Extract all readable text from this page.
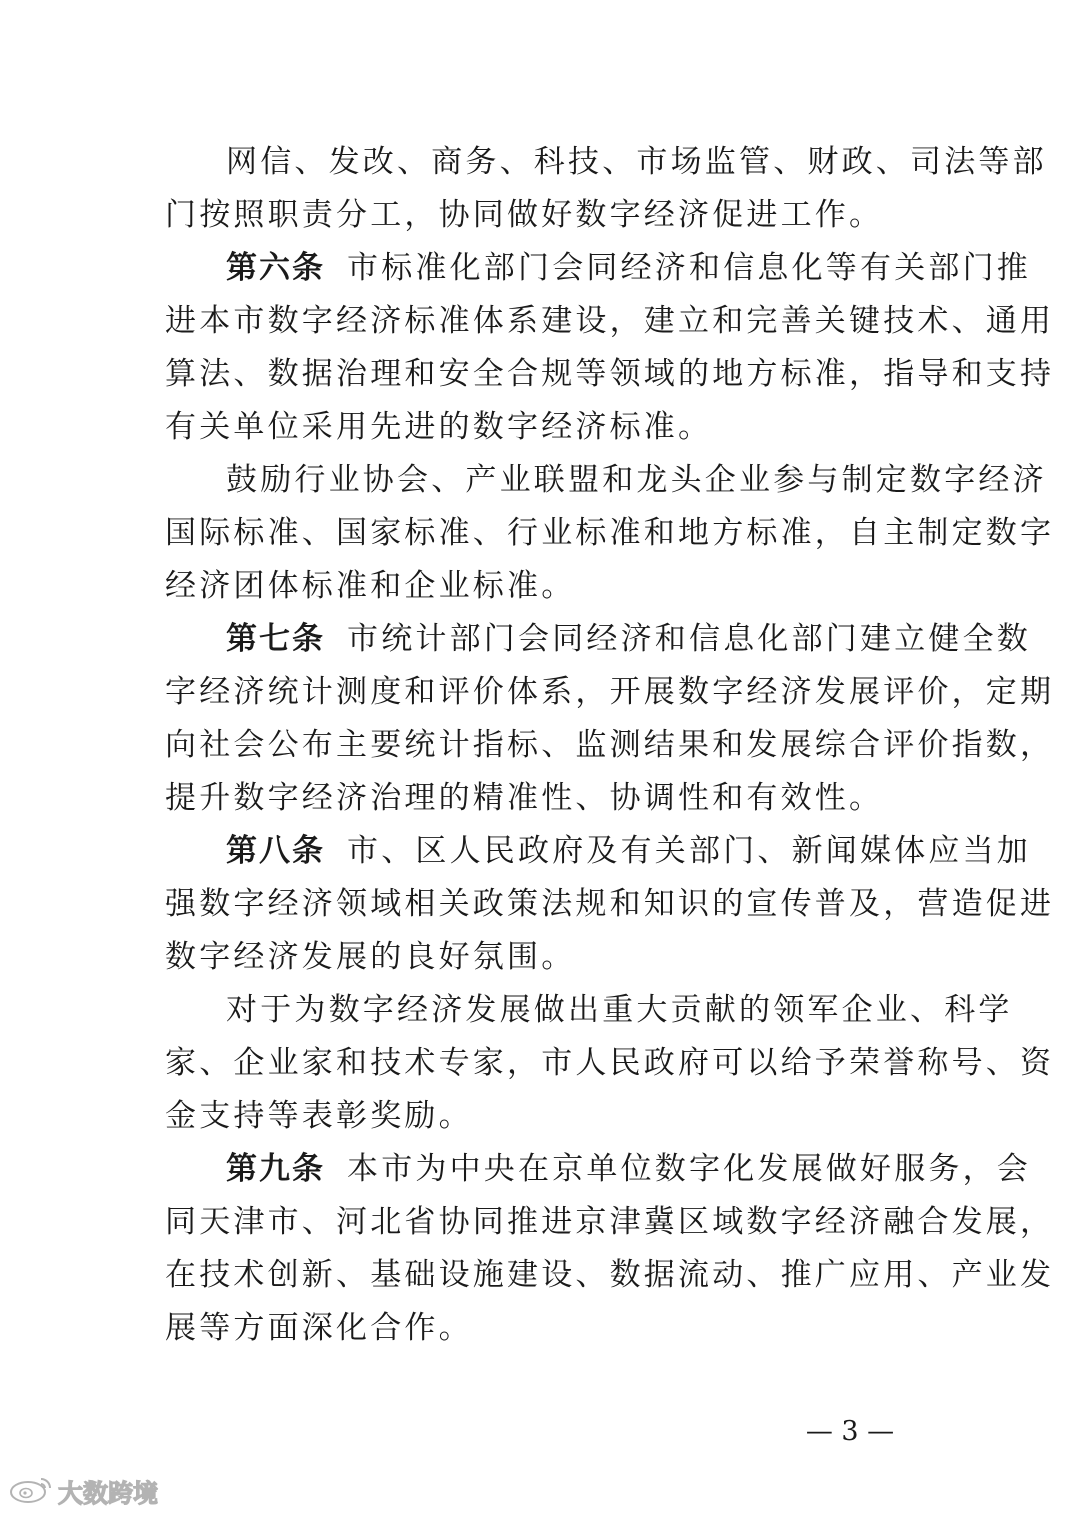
网信、发改、商务、科技、市场监管、财政、司法等部
门按照职责分工，协同做好数字经济促进工作。
第六条 市标准化部门会同经济和信息化等有关部门推
进本市数字经济标准体系建设，建立和完善关键技术、通用
算法、数据治理和安全合规等领域的地方标准，指导和支持
有关单位采用先进的数字经济标准。
鼓励行业协会、产业联盟和龙头企业参与制定数字经济
国际标准、国家标准、行业标准和地方标准，自主制定数字
经济团体标准和企业标准。
第七条 市统计部门会同经济和信息化部门建立健全数
字经济统计测度和评价体系，开展数字经济发展评价，定期
向社会公布主要统计指标、监测结果和发展综合评价指数，
提升数字经济治理的精准性、协调性和有效性。
第八条 市、区人民政府及有关部门、新闻媒体应当加
强数字经济领域相关政策法规和知识的宣传普及，营造促进
数字经济发展的良好氛围。
对于为数字经济发展做出重大贡献的领军企业、科学
家、企业家和技术专家，市人民政府可以给予荣誉称号、资
金支持等表彰奖励。
第九条 本市为中央在京单位数字化发展做好服务，会
同天津市、河北省协同推进京津冀区域数字经济融合发展，
在技术创新、基础设施建设、数据流动、推广应用、产业发
展等方面深化合作。
— 3 —
大数跨境
